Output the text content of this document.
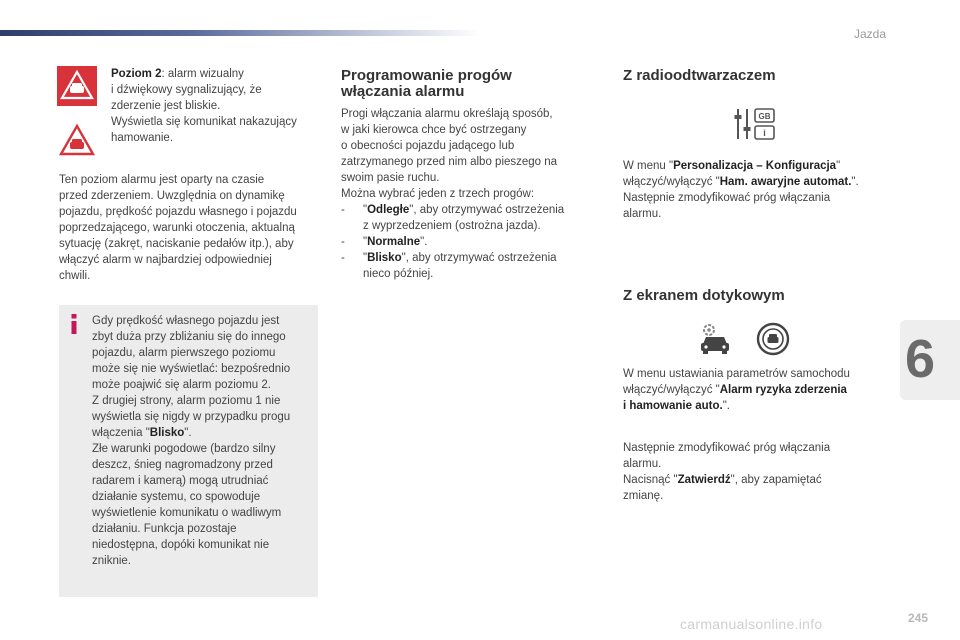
Jazda
6

Poziom 2: alarm wizualny
i dźwiękowy sygnalizujący, że
zderzenie jest bliskie.
Wyświetla się komunikat nakazujący
hamowanie.
Ten poziom alarmu jest oparty na czasie
przed zderzeniem. Uwzględnia on dynamikę
pojazdu, prędkość pojazdu własnego i pojazdu
poprzedzającego, warunki otoczenia, aktualną
sytuację (zakręt, naciskanie pedałów itp.), aby
włączyć alarm w najbardziej odpowiedniej
chwili.
Gdy prędkość własnego pojazdu jest
zbyt duża przy zbliżaniu się do innego
pojazdu, alarm pierwszego poziomu
może się nie wyświetlać: bezpośrednio
może poajwić się alarm poziomu 2.
Z drugiej strony, alarm poziomu 1 nie
wyświetla się nigdy w przypadku progu
włączenia "Blisko".
Złe warunki pogodowe (bardzo silny
deszcz, śnieg nagromadzony przed
radarem i kamerą) mogą utrudniać
działanie systemu, co spowoduje
wyświetlenie komunikatu o wadliwym
działaniu. Funkcja pozostaje
niedostępna, dopóki komunikat nie
zniknie.
Programowanie progów
włączania alarmu
Progi włączania alarmu określają sposób,
w jaki kierowca chce być ostrzegany
o obecności pojazdu jadącego lub
zatrzymanego przed nim albo pieszego na
swoim pasie ruchu.
Można wybrać jeden z trzech progów:
-	"Odległe", aby otrzymywać ostrzeżenia
z wyprzedzeniem (ostrożna jazda).
-	"Normalne".
-	"Blisko", aby otrzymywać ostrzeżenia
nieco później.
Z radioodtwarzaczem
GB
i
W menu "Personalizacja – Konfiguracja"
włączyć/wyłączyć "Ham. awaryjne automat.".
Następnie zmodyfikować próg włączania
alarmu.
Z ekranem dotykowym
W menu ustawiania parametrów samochodu
włączyć/wyłączyć "Alarm ryzyka zderzenia
i hamowanie auto.".
Następnie zmodyfikować próg włączania
alarmu.
Nacisnąć "Zatwierdź", aby zapamiętać
zmianę.
carmanualsonline.info	245
